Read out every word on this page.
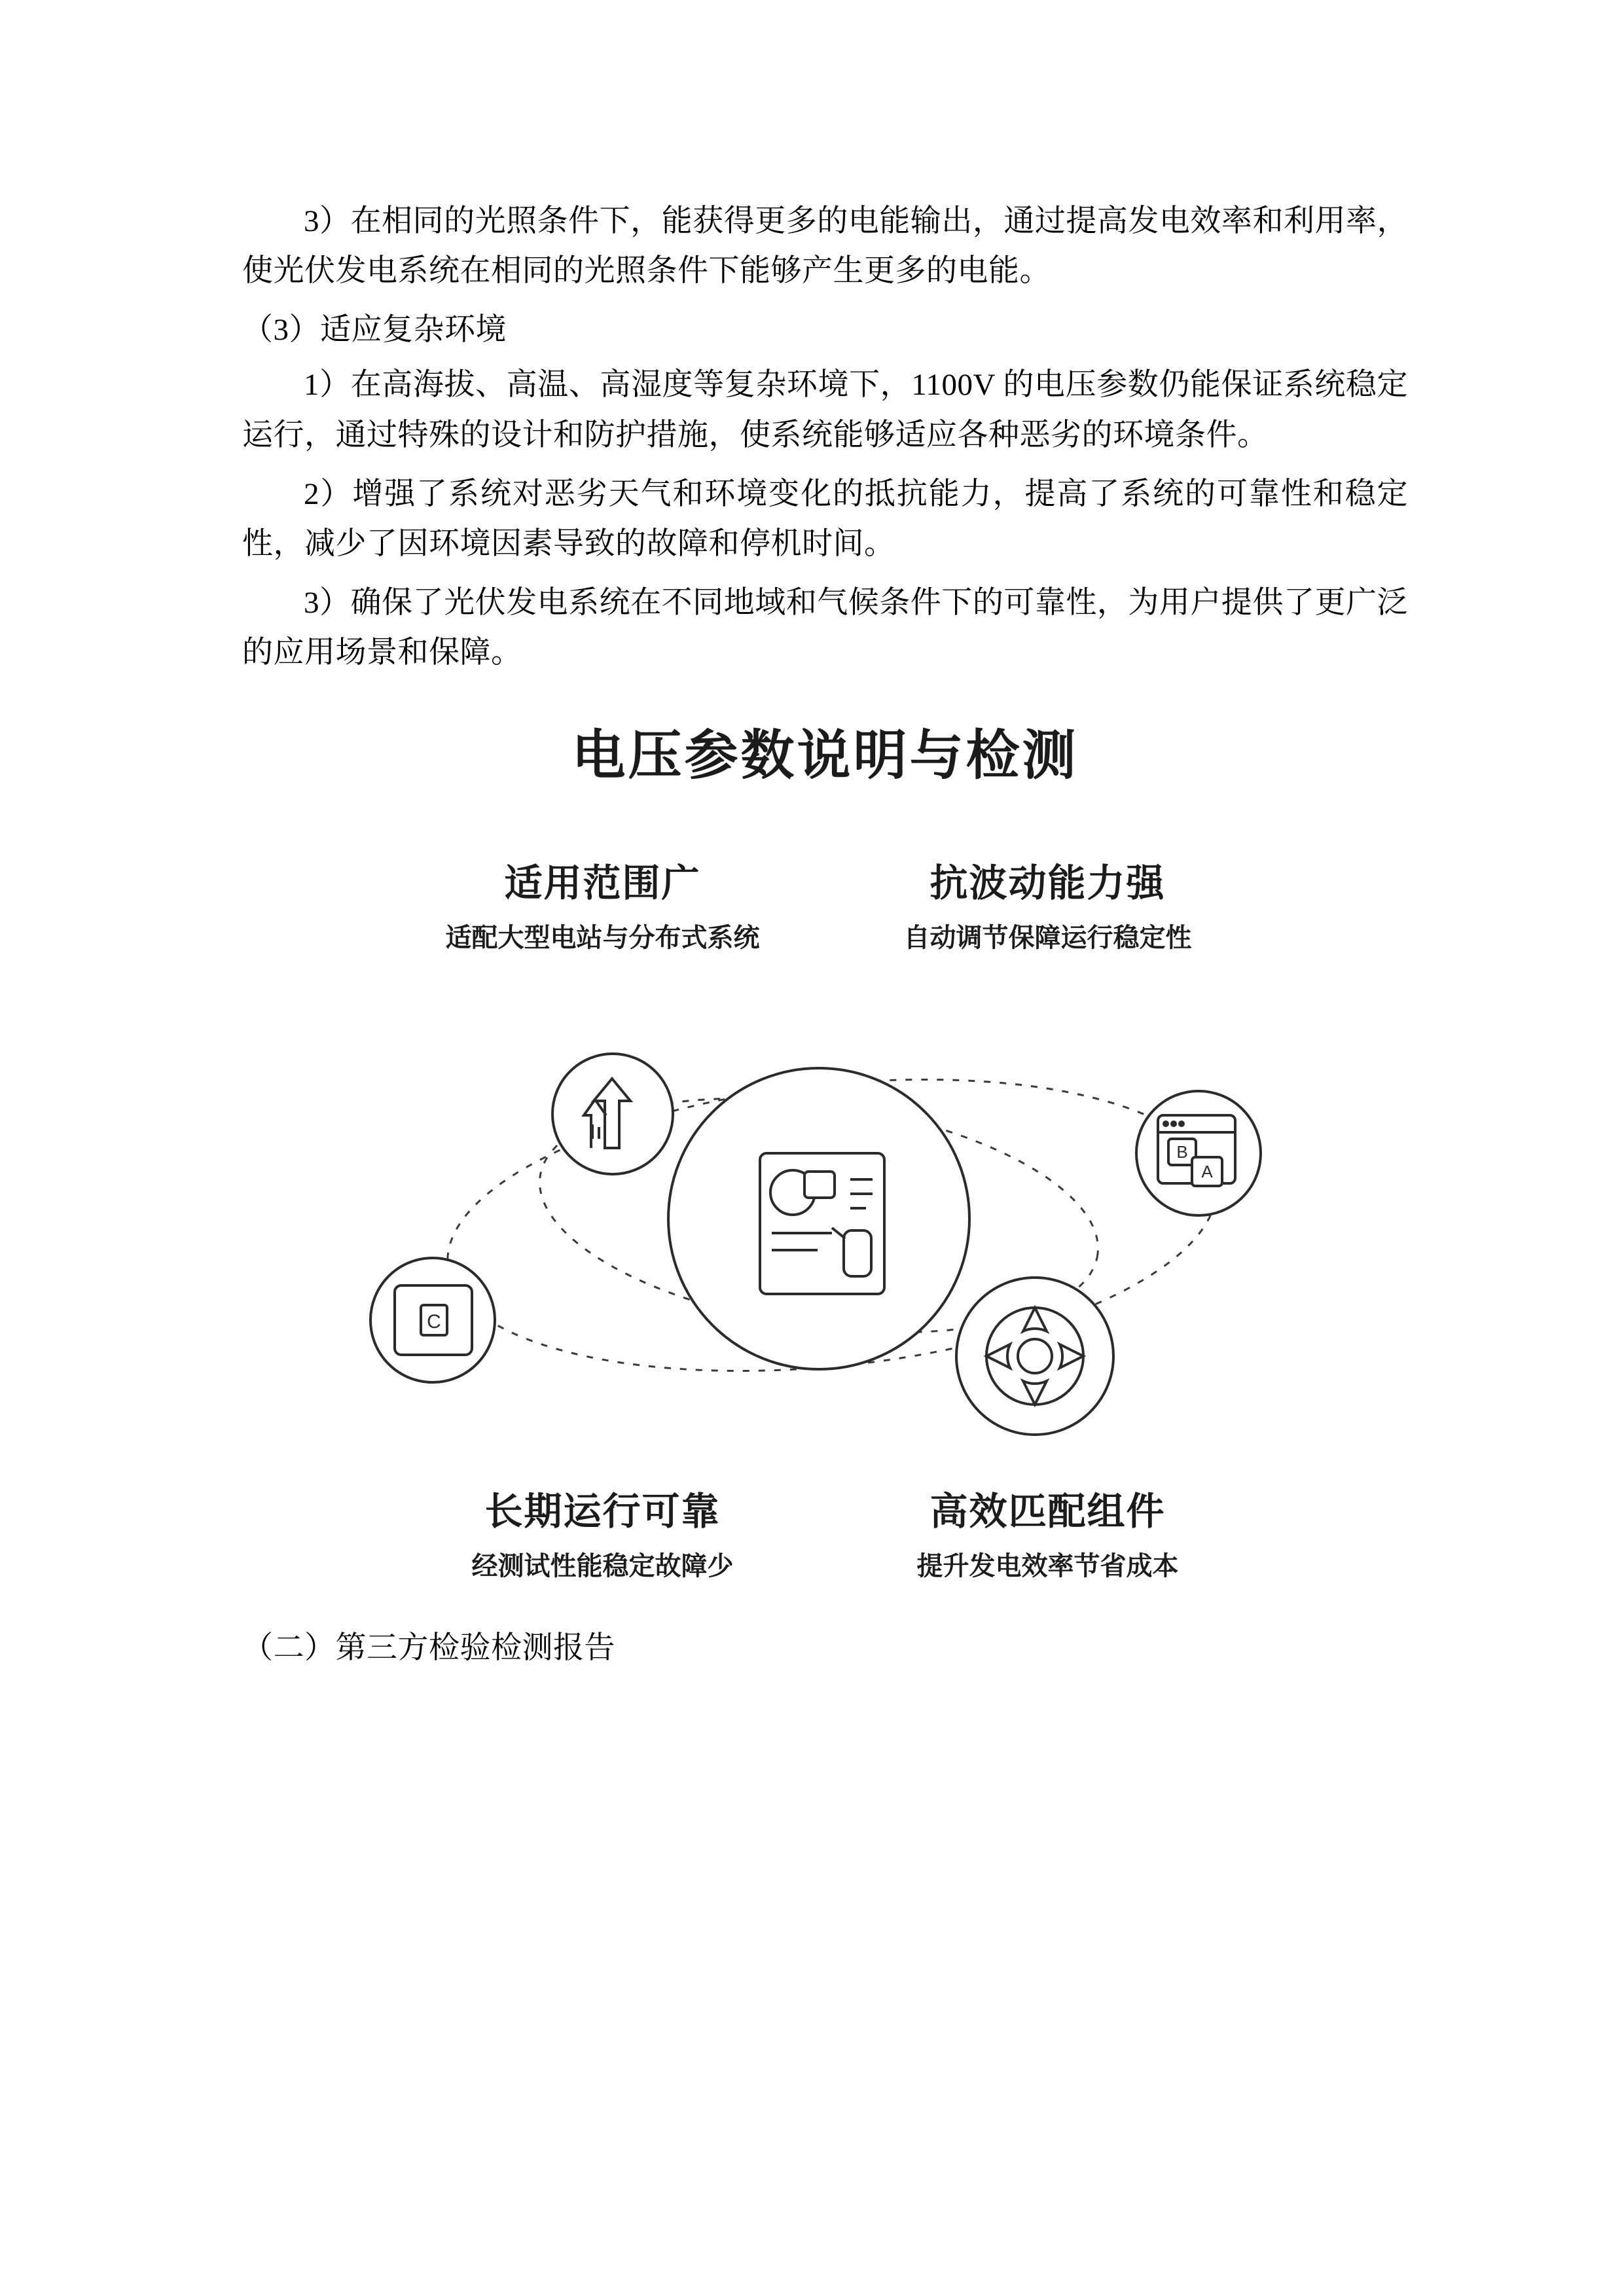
3）在相同的光照条件下，能获得更多的电能输出，通过提高发电效率和利用率，使光伏发电系统在相同的光照条件下能够产生更多的电能。

（3）适应复杂环境

1）在高海拔、高温、高湿度等复杂环境下，1100V 的电压参数仍能保证系统稳定运行，通过特殊的设计和防护措施，使系统能够适应各种恶劣的环境条件。

2）增强了系统对恶劣天气和环境变化的抵抗能力，提高了系统的可靠性和稳定性，减少了因环境因素导致的故障和停机时间。

3）确保了光伏发电系统在不同地域和气候条件下的可靠性，为用户提供了更广泛的应用场景和保障。

电压参数说明与检测
适用范围广
适配大型电站与分布式系统
抗波动能力强
自动调节保障运行稳定性
B
A
C
长期运行可靠
经测试性能稳定故障少
高效匹配组件
提升发电效率节省成本

（二）第三方检验检测报告
